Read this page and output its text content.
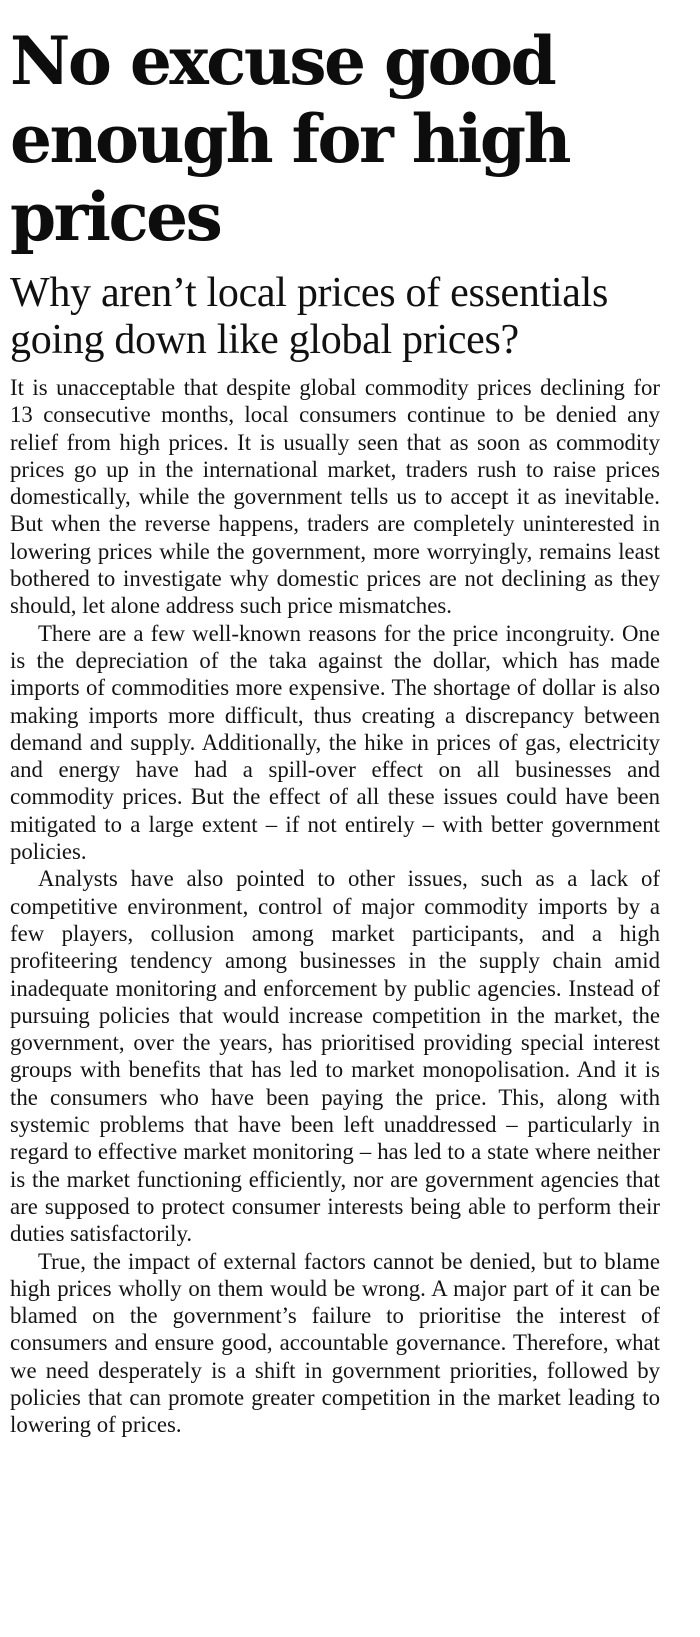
No excuse good enough for high prices
Why aren’t local prices of essentials going down like global prices?

It is unacceptable that despite global commodity prices declining for 13 consecutive months, local consumers continue to be denied any relief from high prices. It is usually seen that as soon as commodity prices go up in the international market, traders rush to raise prices domestically, while the government tells us to accept it as inevitable. But when the reverse happens, traders are completely uninterested in lowering prices while the government, more worryingly, remains least bothered to investigate why domestic prices are not declining as they should, let alone address such price mismatches.

There are a few well-known reasons for the price incongruity. One is the depreciation of the taka against the dollar, which has made imports of commodities more expensive. The shortage of dollar is also making imports more difficult, thus creating a discrepancy between demand and supply. Additionally, the hike in prices of gas, electricity and energy have had a spill-over effect on all businesses and commodity prices. But the effect of all these issues could have been mitigated to a large extent – if not entirely – with better government policies.

Analysts have also pointed to other issues, such as a lack of competitive environment, control of major commodity imports by a few players, collusion among market participants, and a high profiteering tendency among businesses in the supply chain amid inadequate monitoring and enforcement by public agencies. Instead of pursuing policies that would increase competition in the market, the government, over the years, has prioritised providing special interest groups with benefits that has led to market monopolisation. And it is the consumers who have been paying the price. This, along with systemic problems that have been left unaddressed – particularly in regard to effective market monitoring – has led to a state where neither is the market functioning efficiently, nor are government agencies that are supposed to protect consumer interests being able to perform their duties satisfactorily.

True, the impact of external factors cannot be denied, but to blame high prices wholly on them would be wrong. A major part of it can be blamed on the government’s failure to prioritise the interest of consumers and ensure good, accountable governance. Therefore, what we need desperately is a shift in government priorities, followed by policies that can promote greater competition in the market leading to lowering of prices.
